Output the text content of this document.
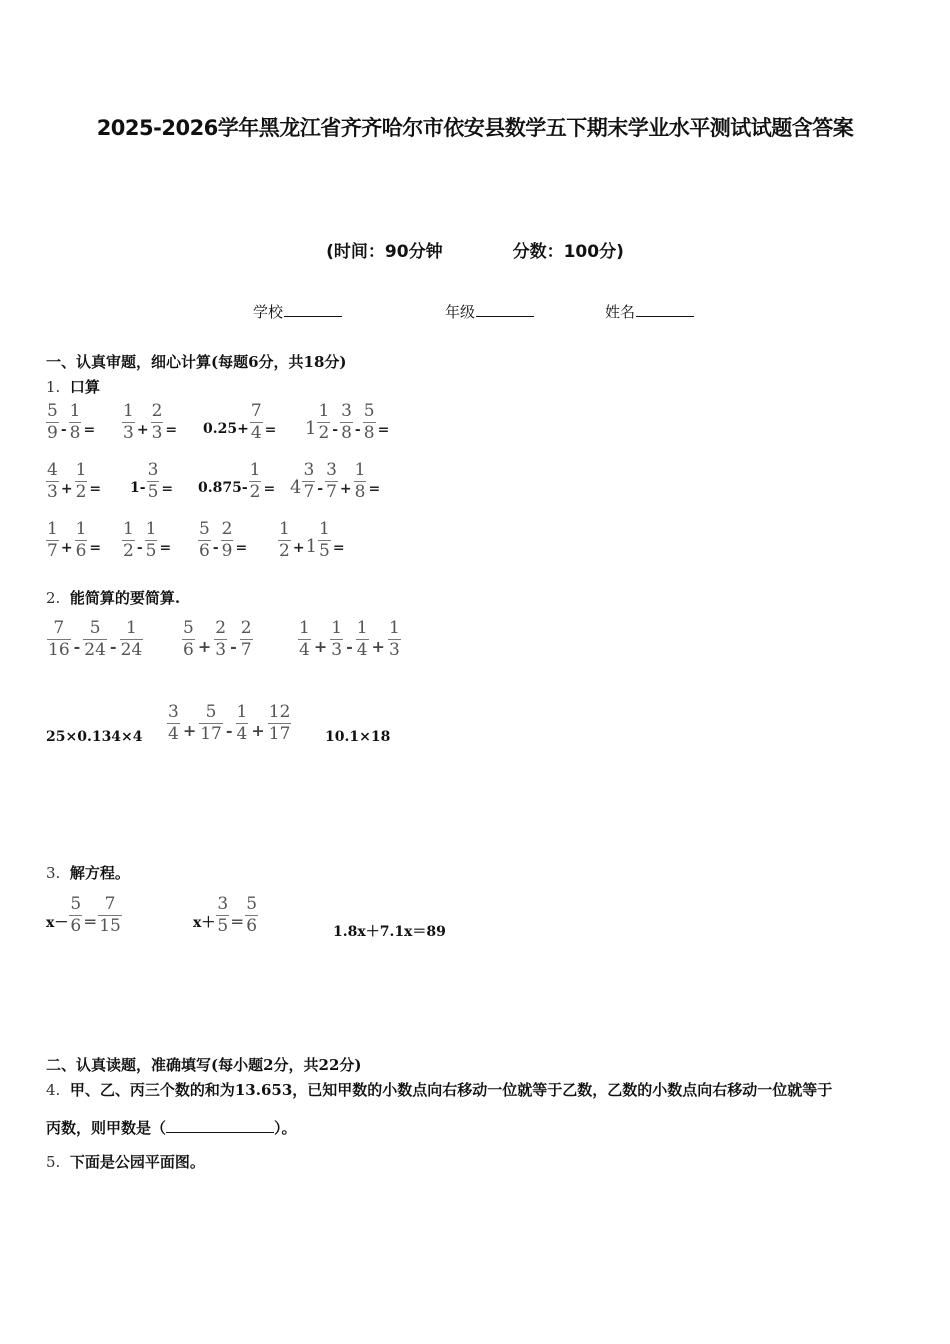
2025-2026学年黑龙江省齐齐哈尔市依安县数学五下期末学业水平测试试题含答案
(时间：90分钟	分数：100分)
学校	年级	姓名
一、认真审题，细心计算(每题6分，共18分)
1. 口算
$\frac{5}{9} - \frac{1}{8} = \frac{1}{3} + \frac{2}{3} = 0.25+ \frac{7}{4} = 1 \frac{1}{2} - \frac{3}{8} - \frac{5}{8}$ =
$\frac{4}{3} + \frac{1}{2} = 1- \frac{3}{5} = 0.875- \frac{1}{2} = 4 \frac{3}{7} - \frac{3}{7} + \frac{1}{8}$ =
$\frac{1}{7} + \frac{1}{6} = \frac{1}{2} - \frac{1}{5} = \frac{5}{6} - \frac{2}{9} = \frac{1}{2} + 1 \frac{1}{5}$ =
2. 能简算的要简算.
$\frac{7}{16} - \frac{5}{24} - \frac{1}{24} \frac{5}{6} + \frac{2}{3} - \frac{2}{7}$	$\frac{1}{4} + \frac{1}{3} - \frac{1}{4} + \frac{1}{3}$
$25\times 0.134\times 4 \frac{3}{4} + \frac{5}{17} - \frac{1}{4} + \frac{12}{17} 10.1\times 18$
3. 解方程。
$x- \frac{5}{6} = \frac{7}{15}$	$x+ \frac{3}{5} = \frac{5}{6}$	1.8x＋7.1x＝89
二、认真读题，准确填写(每小题2分，共22分)
4. 甲、乙、丙三个数的和为13.653，已知甲数的小数点向右移动一位就等于乙数，乙数的小数点向右移动一位就等于
丙数，则甲数是（	）。
5. 下面是公园平面图。
